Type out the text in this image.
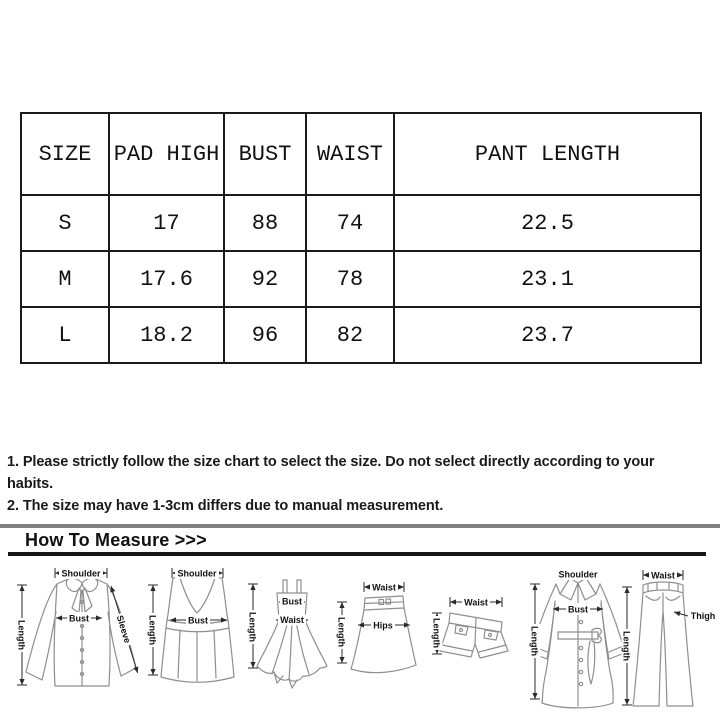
SIZE	PAD HIGH	BUST	WAIST	PANT LENGTH
S	17	88	74	22.5
M	17.6	92	78	23.1
L	18.2	96	82	23.7
1. Please strictly follow the size chart to select the size. Do not select directly according to your
habits.
2. The size may have 1-3cm differs due to manual measurement.
How To Measure >>>
Shoulder
Length
Bust	Sleeve
Shoulder
Length	Bust
Bust
Waist
Length
Waist
Hips
Length
Waist
Length
Shoulder
Bust
Length
Waist
Length
Thigh
